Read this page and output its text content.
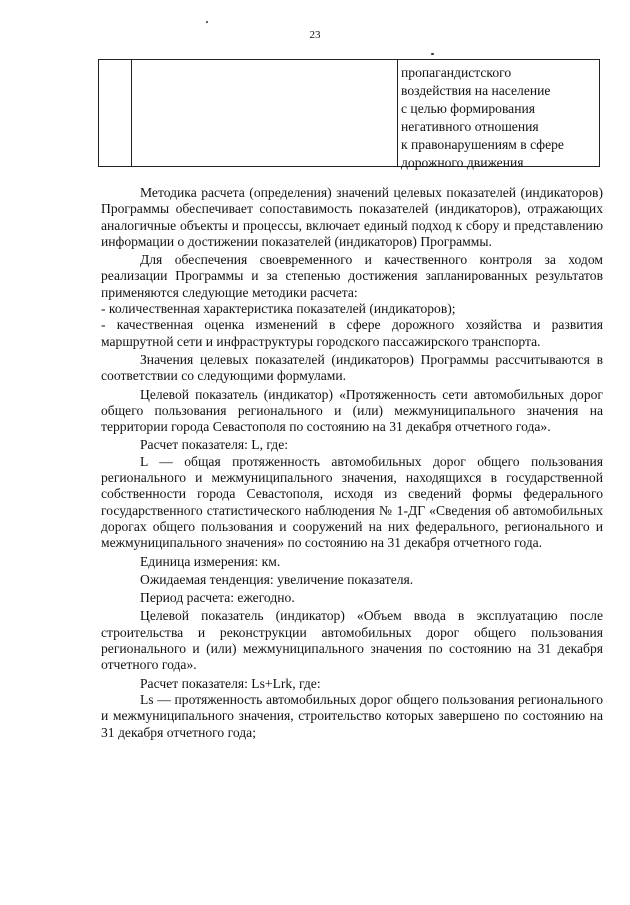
23
пропагандистского
воздействия на население
с целью формирования
негативного отношения
к правонарушениям в сфере
дорожного движения

Методика расчета (определения) значений целевых показателей (индикаторов) Программы обеспечивает сопоставимость показателей (индикаторов), отражающих аналогичные объекты и процессы, включает единый подход к сбору и представлению информации о достижении показателей (индикаторов) Программы.

Для обеспечения своевременного и качественного контроля за ходом реализации Программы и за степенью достижения запланированных результатов применяются следующие методики расчета:

- количественная характеристика показателей (индикаторов);

- качественная оценка изменений в сфере дорожного хозяйства и развития маршрутной сети и инфраструктуры городского пассажирского транспорта.

Значения целевых показателей (индикаторов) Программы рассчитываются в соответствии со следующими формулами.

Целевой показатель (индикатор) «Протяженность сети автомобильных дорог общего пользования регионального и (или) межмуниципального значения на территории города Севастополя по состоянию на 31 декабря отчетного года».

Расчет показателя: L, где:

L — общая протяженность автомобильных дорог общего пользования регионального и межмуниципального значения, находящихся в государственной собственности города Севастополя, исходя из сведений формы федерального государственного статистического наблюдения № 1-ДГ «Сведения об автомобильных дорогах общего пользования и сооружений на них федерального, регионального и межмуниципального значения» по состоянию на 31 декабря отчетного года.

Единица измерения: км.

Ожидаемая тенденция: увеличение показателя.

Период расчета: ежегодно.

Целевой показатель (индикатор) «Объем ввода в эксплуатацию после строительства и реконструкции автомобильных дорог общего пользования регионального и (или) межмуниципального значения по состоянию на 31 декабря отчетного года».

Расчет показателя: Ls+Lrk, где:

Ls — протяженность автомобильных дорог общего пользования регионального и межмуниципального значения, строительство которых завершено по состоянию на 31 декабря отчетного года;
